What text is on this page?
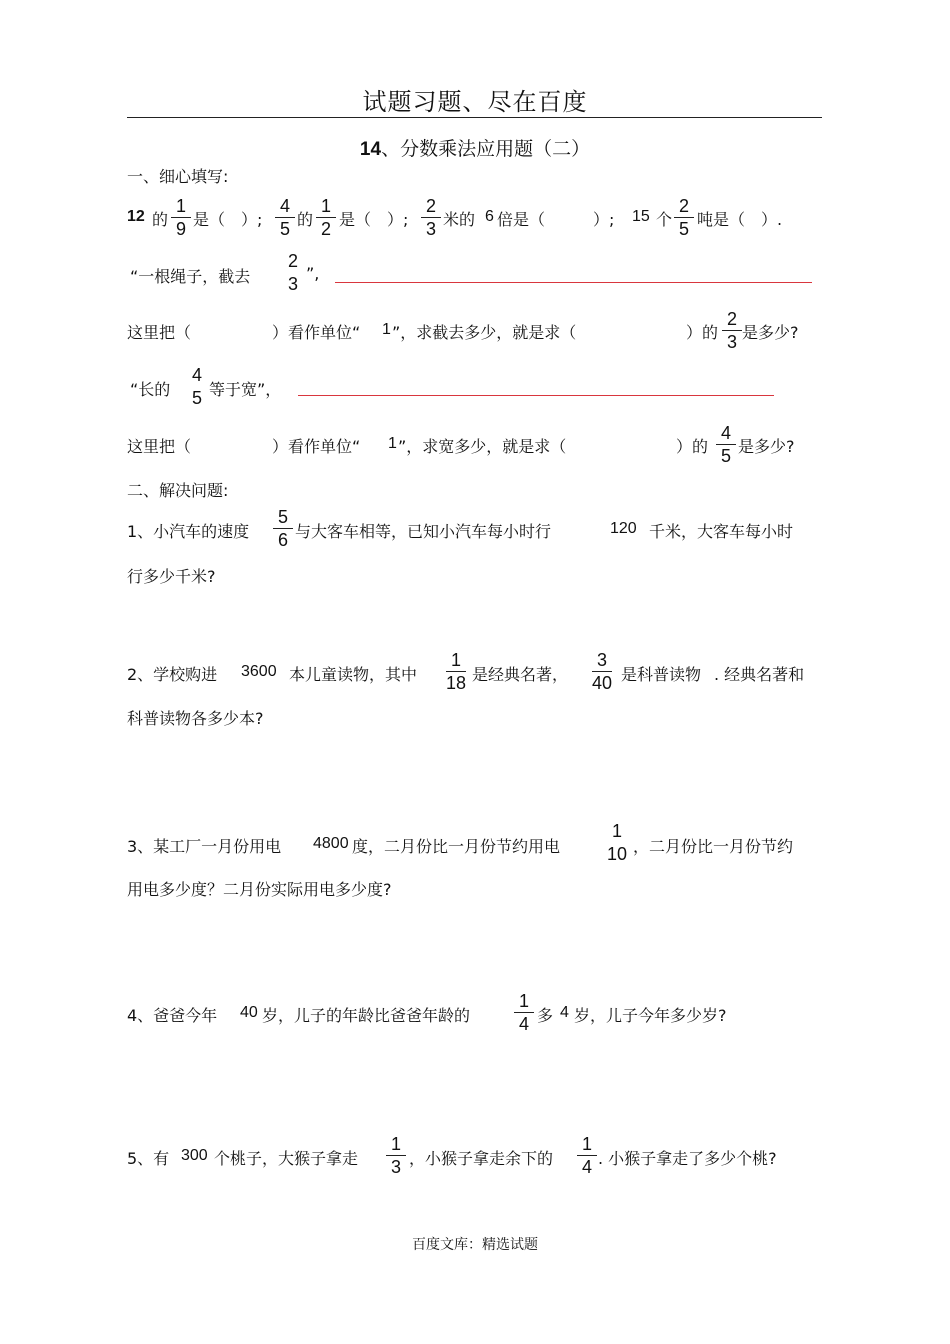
试题习题、尽在百度
14、分数乘法应用题（二）
一、细心填写:
12 的
1
9 是（　）;
4
5 的
1
2 是（　）;
2
3 米的 6 倍是（　　　）; 15 个
2
5 吨是（　）.
“一根绳子，截去
2
3
”,
这里把（	）看作单位“ 1 ”，求截去多少，就是求（	）的
2
3 是多少?
“长的
4
5 等于宽”，
这里把（	）看作单位“ 1 ”，求宽多少，就是求（	）的
4
5 是多少?
二、解决问题:
1、小汽车的速度
5
6 与大客车相等，已知小汽车每小时行	120 千米，大客车每小时
行多少千米?
2、学校购进 3600 本儿童读物，其中
1
18 是经典名著，
3
40 是科普读物 . 经典名著和
科普读物各多少本?
3、某工厂一月份用电 4800 度，二月份比一月份节约用电
1
10 ，二月份比一月份节约
用电多少度？二月份实际用电多少度?
4、爸爸今年 40 岁，儿子的年龄比爸爸年龄的
1
4 多 4 岁，儿子今年多少岁?
5、有 300 个桃子，大猴子拿走
1
3 ，小猴子拿走余下的
1
4 . 小猴子拿走了多少个桃?
百度文库：精选试题
